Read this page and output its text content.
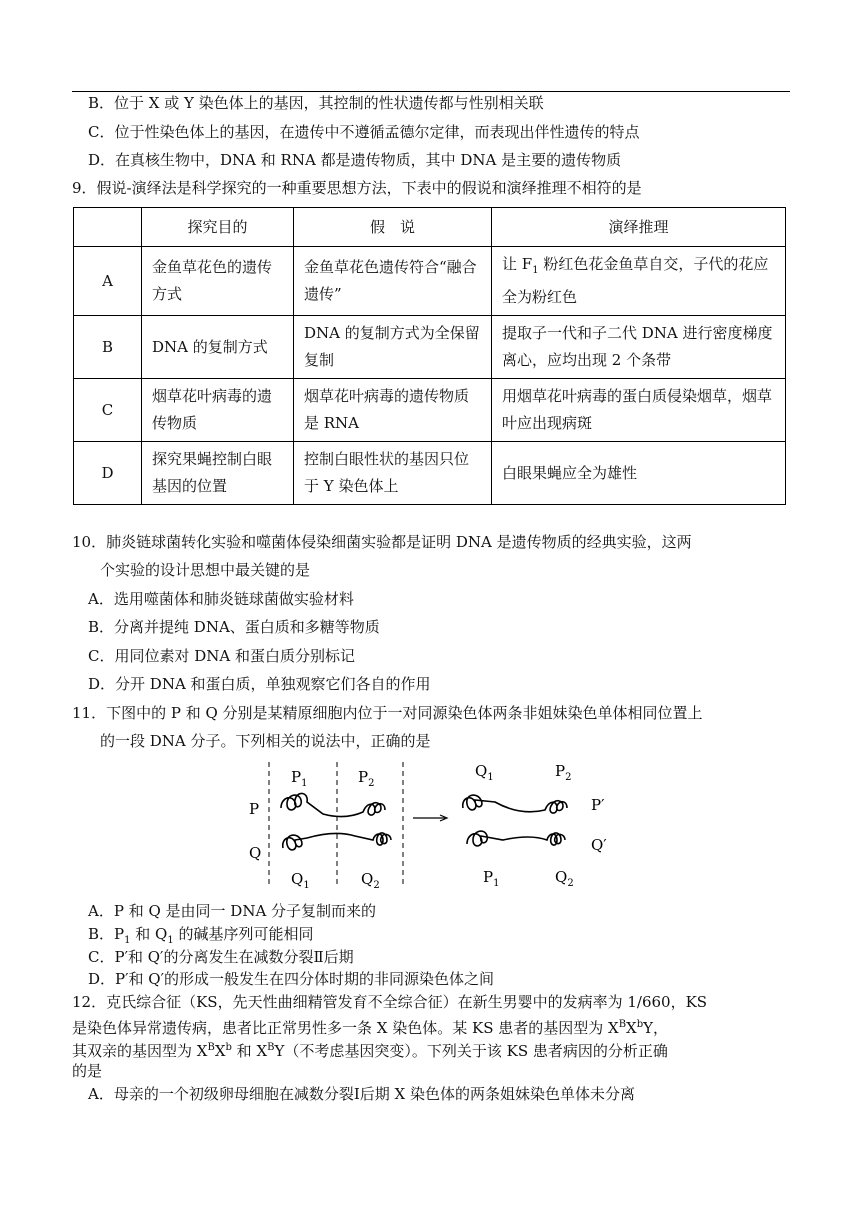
B．位于 X 或 Y 染色体上的基因，其控制的性状遗传都与性别相关联
C．位于性染色体上的基因，在遗传中不遵循孟德尔定律，而表现出伴性遗传的特点
D．在真核生物中，DNA 和 RNA 都是遗传物质，其中 DNA 是主要的遗传物质
9．假说-演绎法是科学探究的一种重要思想方法，下表中的假说和演绎推理不相符的是
	探究目的	假　说	演绎推理
A	金鱼草花色的遗传方式	金鱼草花色遗传符合“融合遗传”	让 $F_1$ 粉红色花金鱼草自交，子代的花应全为粉红色
B	DNA 的复制方式	DNA 的复制方式为全保留复制	提取子一代和子二代 DNA 进行密度梯度离心，应均出现 2 个条带
C	烟草花叶病毒的遗传物质	烟草花叶病毒的遗传物质是 RNA	用烟草花叶病毒的蛋白质侵染烟草，烟草叶应出现病斑
D	探究果蝇控制白眼基因的位置	控制白眼性状的基因只位于 Y 染色体上	白眼果蝇应全为雄性
10．肺炎链球菌转化实验和噬菌体侵染细菌实验都是证明 DNA 是遗传物质的经典实验，这两
个实验的设计思想中最关键的是
A．选用噬菌体和肺炎链球菌做实验材料
B．分离并提纯 DNA、蛋白质和多糖等物质
C．用同位素对 DNA 和蛋白质分别标记
D．分开 DNA 和蛋白质，单独观察它们各自的作用
11．下图中的 P 和 Q 分别是某精原细胞内位于一对同源染色体两条非姐妹染色单体相同位置上
的一段 DNA 分子。下列相关的说法中，正确的是
P
Q
$P_1$	$P_2$
$Q_1$	$Q_2$
$Q_1$	$P_2$
P′
Q′
$P_1$	$Q_2$
A．P 和 Q 是由同一 DNA 分子复制而来的
B．$P_1$ 和 $Q_1$ 的碱基序列可能相同
C．P′和 Q′的分离发生在减数分裂Ⅱ后期
D．P′和 Q′的形成一般发生在四分体时期的非同源染色体之间
12．克氏综合征（KS，先天性曲细精管发育不全综合征）在新生男婴中的发病率为 1/660，KS
是染色体异常遗传病，患者比正常男性多一条 X 染色体。某 KS 患者的基因型为 $X^BX^bY$，
其双亲的基因型为 $X^BX^b$ 和 $X^BY$（不考虑基因突变）。下列关于该 KS 患者病因的分析正确
的是
A．母亲的一个初级卵母细胞在减数分裂Ⅰ后期 X 染色体的两条姐妹染色单体未分离
